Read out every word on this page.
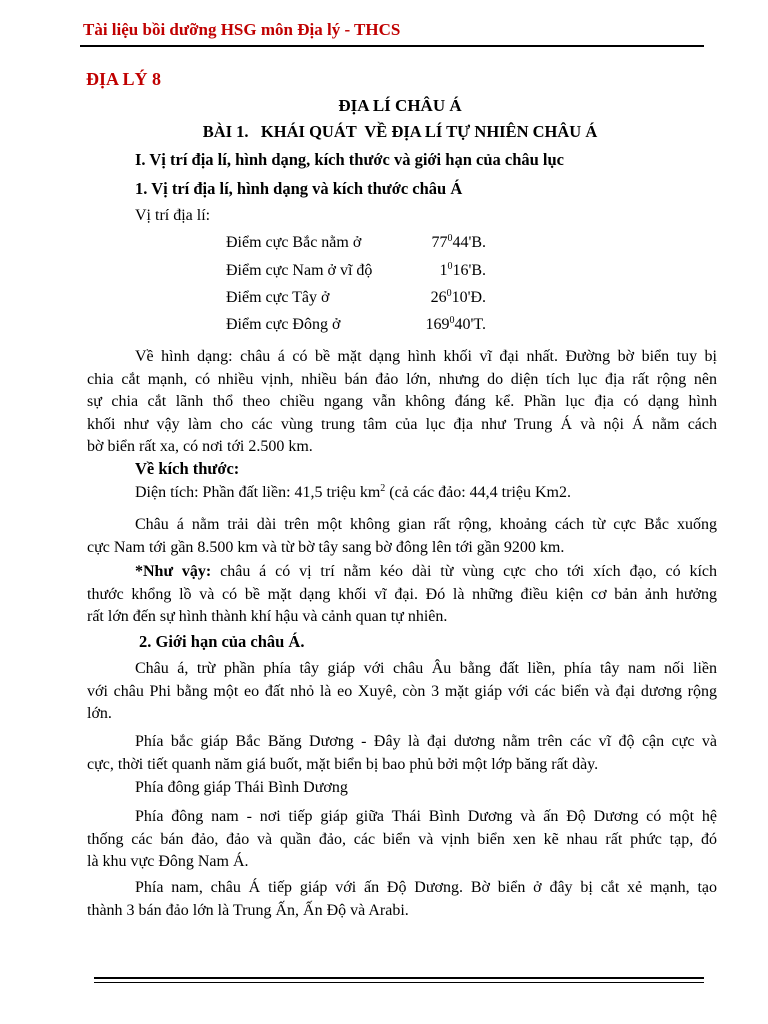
Tài liệu bồi dưỡng HSG môn Địa lý - THCS
ĐỊA LÝ 8
ĐỊA LÍ CHÂU Á
BÀI 1.   KHÁI QUÁT  VỀ ĐỊA LÍ TỰ NHIÊN CHÂU Á
I. Vị trí địa lí, hình dạng, kích thước và giới hạn của châu lục
1. Vị trí địa lí, hình dạng và kích thước châu Á
Vị trí địa lí:
Điểm cực Bắc nằm ở	$77^044'B$.
Điểm cực Nam ở vĩ độ	$1^016'B$.
Điểm cực Tây ở	$26^010'Đ$.
Điểm cực Đông ở	$169^040'T$.
Về hình dạng: châu á có bề mặt dạng hình khối vĩ đại nhất. Đường bờ biển tuy bị
chia cắt mạnh, có nhiều vịnh, nhiều bán đảo lớn, nhưng do diện tích lục địa rất rộng nên
sự chia cắt lãnh thổ theo chiều ngang vẫn không đáng kể. Phần lục địa có dạng hình
khối như vậy làm cho các vùng trung tâm của lục địa như Trung Á và nội Á nằm cách
bờ biển rất xa, có nơi tới 2.500 km.
Về kích thước:
Diện tích: Phần đất liền: 41,5 triệu $km^2$ (cả các đảo: 44,4 triệu Km2.
Châu á nằm trải dài trên một không gian rất rộng, khoảng cách từ cực Bắc xuống
cực Nam tới gần 8.500 km và từ bờ tây sang bờ đông lên tới gần 9200 km.
*Như vậy: châu á có vị trí nằm kéo dài từ vùng cực cho tới xích đạo, có kích
thước khổng lồ và có bề mặt dạng khối vĩ đại. Đó là những điều kiện cơ bản ảnh hưởng
rất lớn đến sự hình thành khí hậu và cảnh quan tự nhiên.
2. Giới hạn của châu Á.
Châu á, trừ phần phía tây giáp với châu Âu bằng đất liền, phía tây nam nối liền
với châu Phi bằng một eo đất nhỏ là eo Xuyê, còn 3 mặt giáp với các biển và đại dương rộng
lớn.
Phía bắc giáp Bắc Băng Dương - Đây là đại dương nằm trên các vĩ độ cận cực và
cực, thời tiết quanh năm giá buốt, mặt biển bị bao phủ bởi một lớp băng rất dày.
Phía đông giáp Thái Bình Dương
Phía đông nam - nơi tiếp giáp giữa Thái Bình Dương và ấn Độ Dương có một hệ
thống các bán đảo, đảo và quần đảo, các biển và vịnh biển xen kẽ nhau rất phức tạp, đó
là khu vực Đông Nam Á.
Phía nam, châu Á tiếp giáp với ấn Độ Dương. Bờ biển ở đây bị cắt xẻ mạnh, tạo
thành 3 bán đảo lớn là Trung Ấn, Ấn Độ và Arabi.
